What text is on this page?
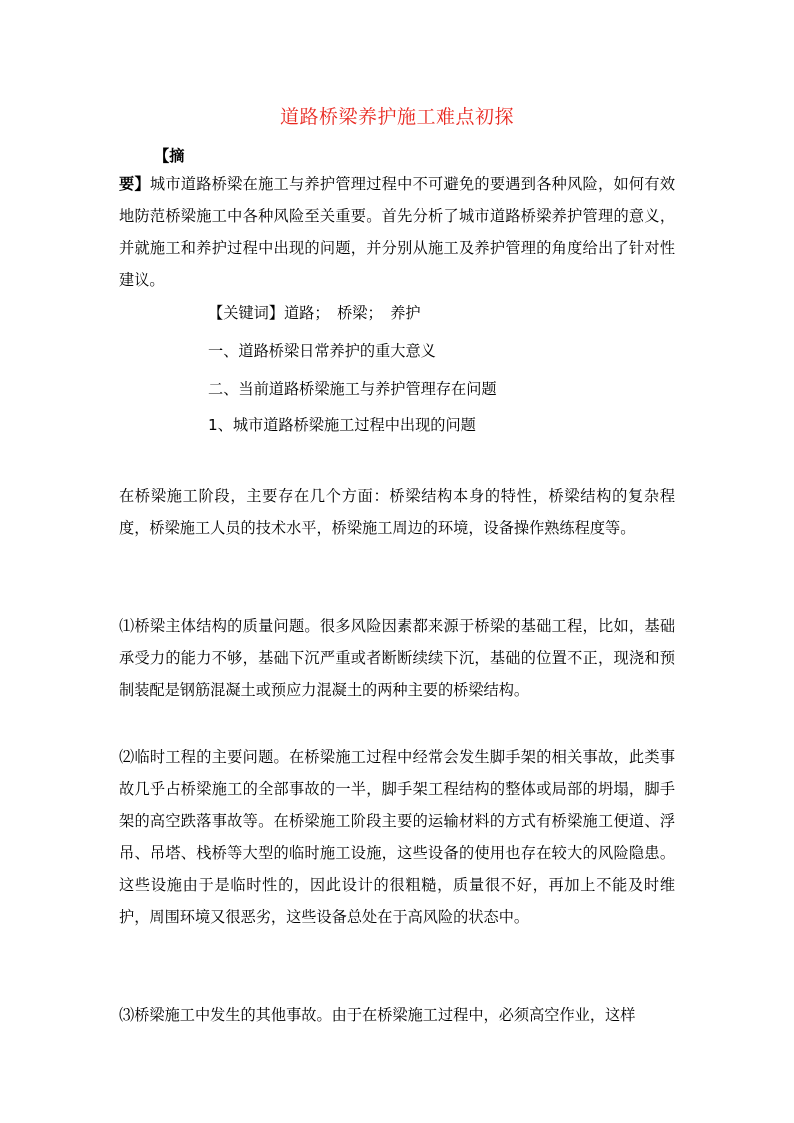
道路桥梁养护施工难点初探
【摘

要】城市道路桥梁在施工与养护管理过程中不可避免的要遇到各种风险，如何有效地防范桥梁施工中各种风险至关重要。首先分析了城市道路桥梁养护管理的意义，并就施工和养护过程中出现的问题，并分别从施工及养护管理的角度给出了针对性建议。

【关键词】道路；　桥梁；　养护
一、道路桥梁日常养护的重大意义
二、当前道路桥梁施工与养护管理存在问题
1、城市道路桥梁施工过程中出现的问题

在桥梁施工阶段，主要存在几个方面：桥梁结构本身的特性，桥梁结构的复杂程度，桥梁施工人员的技术水平，桥梁施工周边的环境，设备操作熟练程度等。

⑴桥梁主体结构的质量问题。很多风险因素都来源于桥梁的基础工程，比如，基础承受力的能力不够，基础下沉严重或者断断续续下沉，基础的位置不正，现浇和预制装配是钢筋混凝土或预应力混凝土的两种主要的桥梁结构。

⑵临时工程的主要问题。在桥梁施工过程中经常会发生脚手架的相关事故，此类事故几乎占桥梁施工的全部事故的一半，脚手架工程结构的整体或局部的坍塌，脚手架的高空跌落事故等。在桥梁施工阶段主要的运输材料的方式有桥梁施工便道、浮吊、吊塔、栈桥等大型的临时施工设施，这些设备的使用也存在较大的风险隐患。这些设施由于是临时性的，因此设计的很粗糙，质量很不好，再加上不能及时维护，周围环境又很恶劣，这些设备总处在于高风险的状态中。

⑶桥梁施工中发生的其他事故。由于在桥梁施工过程中，必须高空作业，这样
